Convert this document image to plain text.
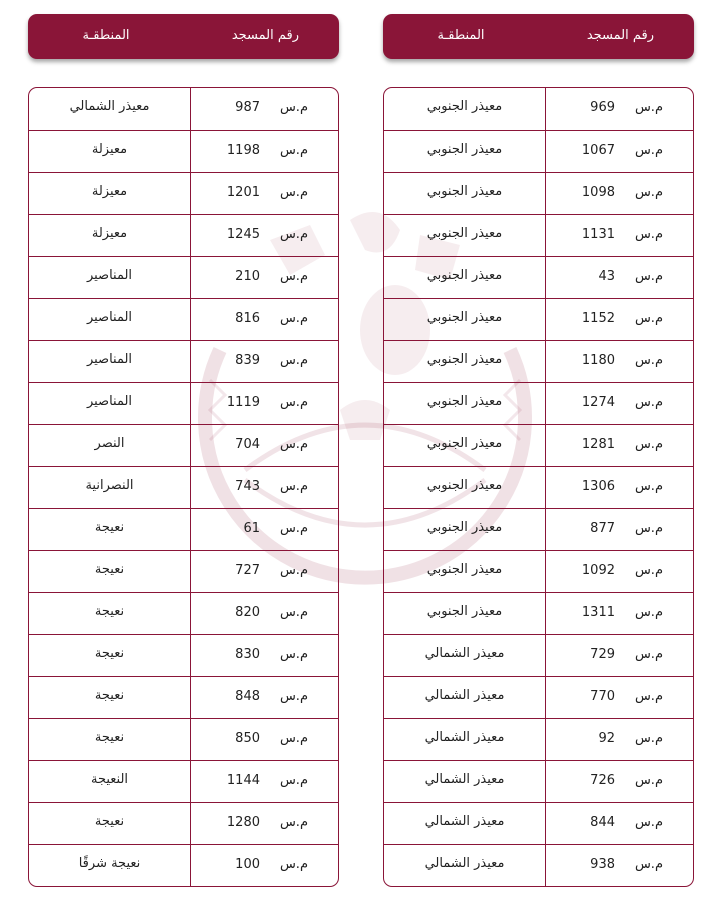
رقم المسجد
المنطقـة
م.س
969
معيذر الجنوبي
م.س
1067
معيذر الجنوبي
م.س
1098
معيذر الجنوبي
م.س
1131
معيذر الجنوبي
م.س
43
معيذر الجنوبي
م.س
1152
معيذر الجنوبي
م.س
1180
معيذر الجنوبي
م.س
1274
معيذر الجنوبي
م.س
1281
معيذر الجنوبي
م.س
1306
معيذر الجنوبي
م.س
877
معيذر الجنوبي
م.س
1092
معيذر الجنوبي
م.س
1311
معيذر الجنوبي
م.س
729
معيذر الشمالي
م.س
770
معيذر الشمالي
م.س
92
معيذر الشمالي
م.س
726
معيذر الشمالي
م.س
844
معيذر الشمالي
م.س
938
معيذر الشمالي
رقم المسجد
المنطقـة
م.س
987
معيذر الشمالي
م.س
1198
معيزلة
م.س
1201
معيزلة
م.س
1245
معيزلة
م.س
210
المناصير
م.س
816
المناصير
م.س
839
المناصير
م.س
1119
المناصير
م.س
704
النصر
م.س
743
النصرانية
م.س
61
نعيجة
م.س
727
نعيجة
م.س
820
نعيجة
م.س
830
نعيجة
م.س
848
نعيجة
م.س
850
نعيجة
م.س
1144
النعيجة
م.س
1280
نعيجة
م.س
100
نعيجة شرقًا
